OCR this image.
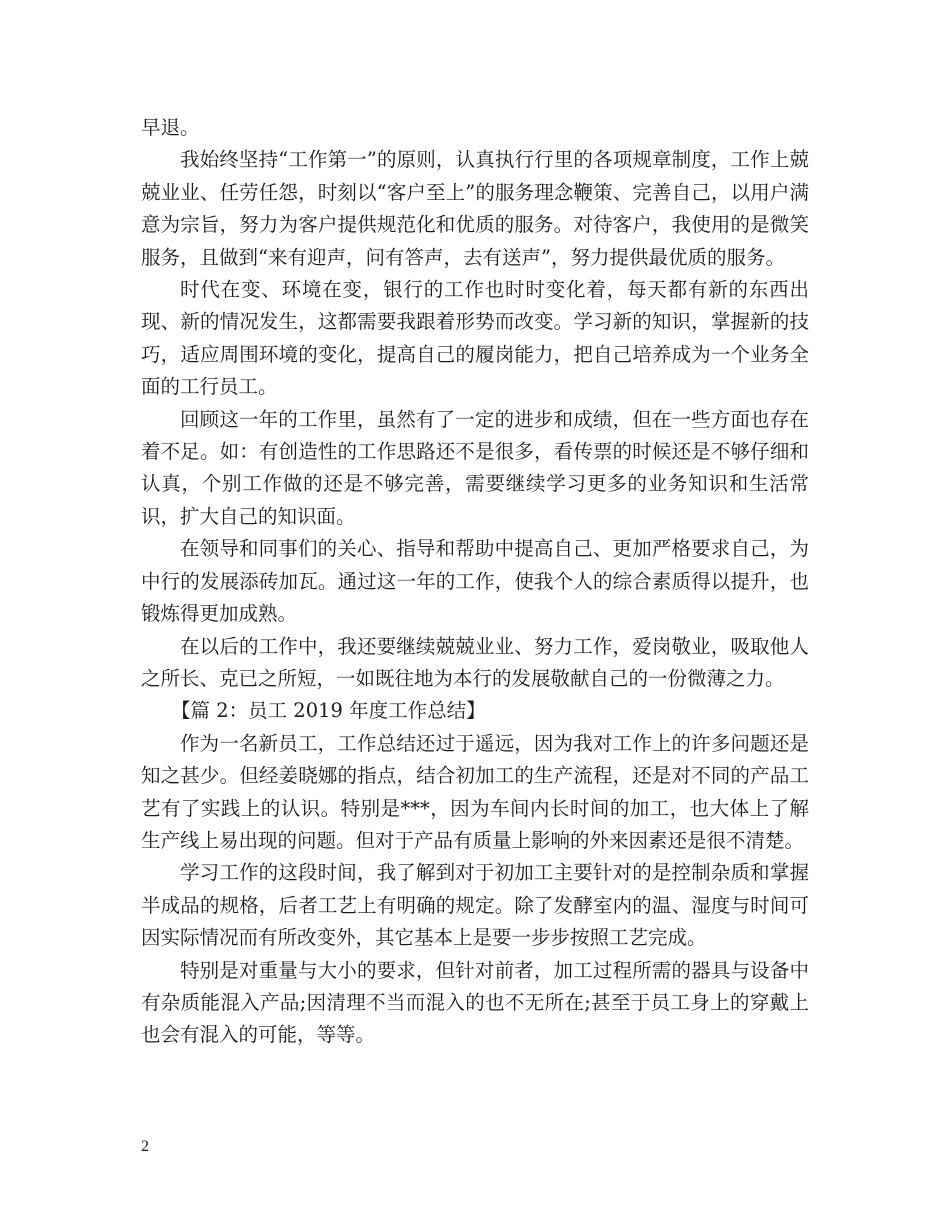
早退。

我始终坚持“工作第一”的原则，认真执行行里的各项规章制度，工作上兢兢业业、任劳任怨，时刻以“客户至上”的服务理念鞭策、完善自己，以用户满意为宗旨，努力为客户提供规范化和优质的服务。对待客户，我使用的是微笑服务，且做到“来有迎声，问有答声，去有送声”，努力提供最优质的服务。

时代在变、环境在变，银行的工作也时时变化着，每天都有新的东西出现、新的情况发生，这都需要我跟着形势而改变。学习新的知识，掌握新的技巧，适应周围环境的变化，提高自己的履岗能力，把自己培养成为一个业务全面的工行员工。

回顾这一年的工作里，虽然有了一定的进步和成绩，但在一些方面也存在着不足。如：有创造性的工作思路还不是很多，看传票的时候还是不够仔细和认真，个别工作做的还是不够完善，需要继续学习更多的业务知识和生活常识，扩大自己的知识面。

在领导和同事们的关心、指导和帮助中提高自己、更加严格要求自己，为中行的发展添砖加瓦。通过这一年的工作，使我个人的综合素质得以提升，也锻炼得更加成熟。

在以后的工作中，我还要继续兢兢业业、努力工作，爱岗敬业，吸取他人之所长、克已之所短，一如既往地为本行的发展敬献自己的一份微薄之力。

【篇 2：员工 2019 年度工作总结】

作为一名新员工，工作总结还过于遥远，因为我对工作上的许多问题还是知之甚少。但经姜晓娜的指点，结合初加工的生产流程，还是对不同的产品工艺有了实践上的认识。特别是***，因为车间内长时间的加工，也大体上了解生产线上易出现的问题。但对于产品有质量上影响的外来因素还是很不清楚。

学习工作的这段时间，我了解到对于初加工主要针对的是控制杂质和掌握半成品的规格，后者工艺上有明确的规定。除了发酵室内的温、湿度与时间可因实际情况而有所改变外，其它基本上是要一步步按照工艺完成。

特别是对重量与大小的要求，但针对前者，加工过程所需的器具与设备中有杂质能混入产品;因清理不当而混入的也不无所在;甚至于员工身上的穿戴上也会有混入的可能，等等。

2
